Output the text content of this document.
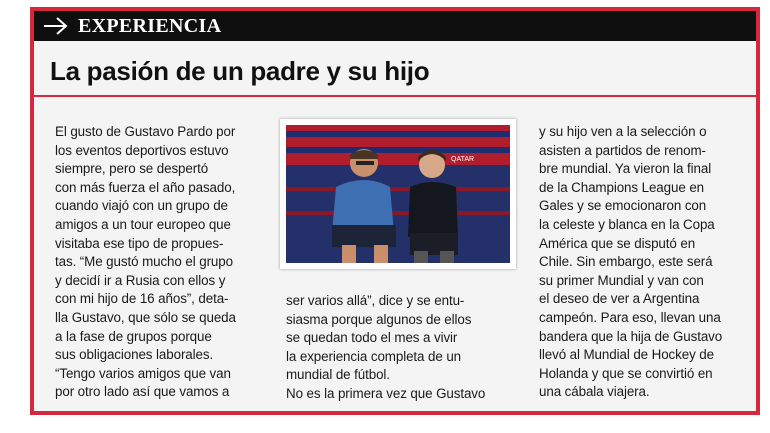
EXPERIENCIA
La pasión de un padre y su hijo
El gusto de Gustavo Pardo por
los eventos deportivos estuvo
siempre, pero se despertó
con más fuerza el año pasado,
cuando viajó con un grupo de
amigos a un tour europeo que
visitaba ese tipo de propues-
tas. “Me gustó mucho el grupo
y decidí ir a Rusia con ellos y
con mi hijo de 16 años”, deta-
lla Gustavo, que sólo se queda
a la fase de grupos porque
sus obligaciones laborales.
“Tengo varios amigos que van
por otro lado así que vamos a
QATAR
ser varios allá”, dice y se entu-
siasma porque algunos de ellos
se quedan todo el mes a vivir
la experiencia completa de un
mundial de fútbol.
No es la primera vez que Gustavo
y su hijo ven a la selección o
asisten a partidos de renom-
bre mundial. Ya vieron la final
de la Champions League en
Gales y se emocionaron con
la celeste y blanca en la Copa
América que se disputó en
Chile. Sin embargo, este será
su primer Mundial y van con
el deseo de ver a Argentina
campeón. Para eso, llevan una
bandera que la hija de Gustavo
llevó al Mundial de Hockey de
Holanda y que se convirtió en
una cábala viajera.
